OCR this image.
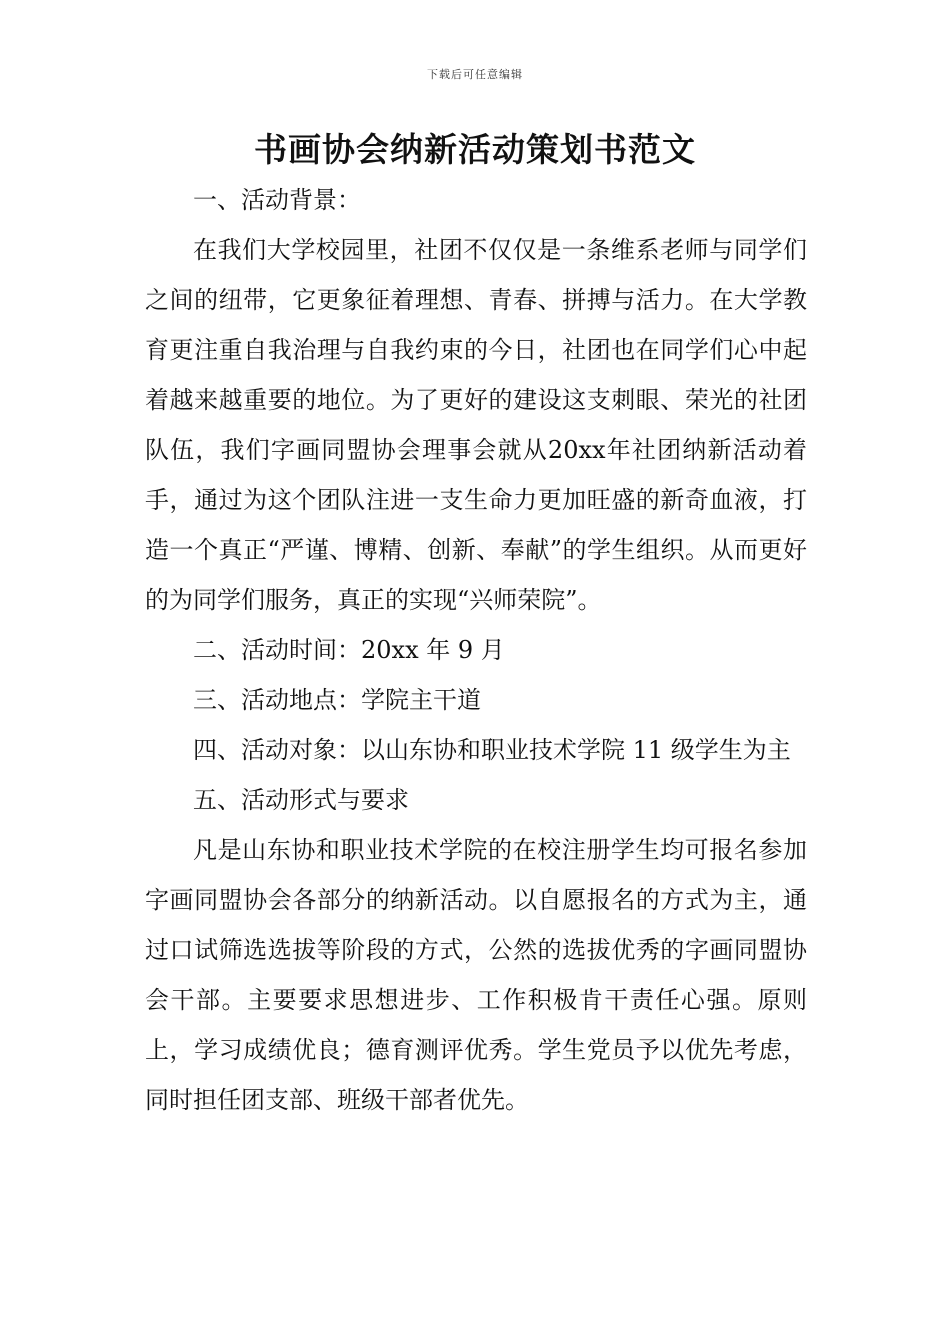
下载后可任意编辑
书画协会纳新活动策划书范文

一、活动背景：

在我们大学校园里，社团不仅仅是一条维系老师与同学们之间的纽带，它更象征着理想、青春、拼搏与活力。在大学教育更注重自我治理与自我约束的今日，社团也在同学们心中起着越来越重要的地位。为了更好的建设这支刺眼、荣光的社团队伍，我们字画同盟协会理事会就从20xx年社团纳新活动着手，通过为这个团队注进一支生命力更加旺盛的新奇血液，打造一个真正“严谨、博精、创新、奉献”的学生组织。从而更好的为同学们服务，真正的实现“兴师荣院”。

二、活动时间：20xx 年 9 月

三、活动地点：学院主干道

四、活动对象：以山东协和职业技术学院 11 级学生为主

五、活动形式与要求

凡是山东协和职业技术学院的在校注册学生均可报名参加字画同盟协会各部分的纳新活动。以自愿报名的方式为主，通过口试筛选选拔等阶段的方式，公然的选拔优秀的字画同盟协会干部。主要要求思想进步、工作积极肯干责任心强。原则上，学习成绩优良；德育测评优秀。学生党员予以优先考虑，同时担任团支部、班级干部者优先。
